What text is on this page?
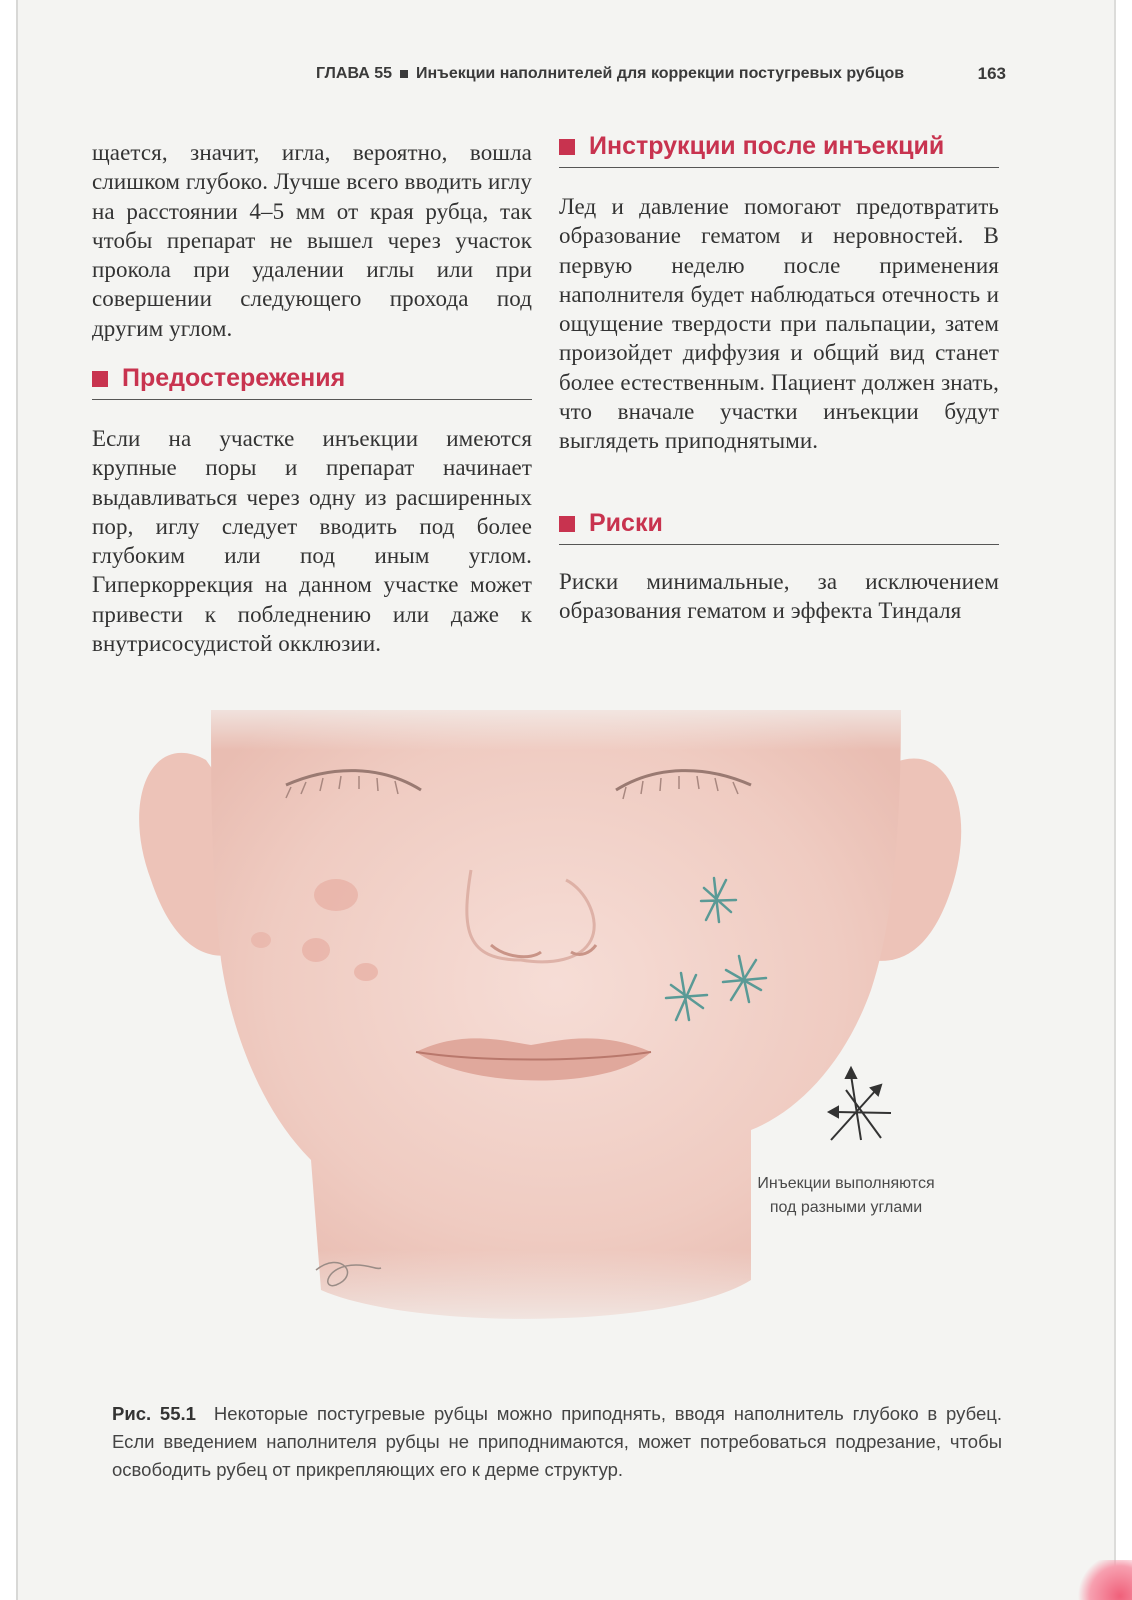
ГЛАВА 55 Инъекции наполнителей для коррекции постугревых рубцов	163

щается, значит, игла, вероятно, вошла слишком глубоко. Лучше всего вводить иглу на расстоянии 4–5 мм от края рубца, так чтобы препарат не вышел через участок прокола при удалении иглы или при совершении следующего прохода под другим углом.

Предостережения

Если на участке инъекции имеются крупные поры и препарат начинает выдавливаться через одну из расширенных пор, иглу следует вводить под более глубоким или под иным углом. Гиперкоррекция на данном участке может привести к побледнению или даже к внутрисосудистой окклюзии.

Инструкции после инъекций

Лед и давление помогают предотвратить образование гематом и неровностей. В первую неделю после применения наполнителя будет наблюдаться отечность и ощущение твердости при пальпации, затем произойдет диффузия и общий вид станет более естественным. Пациент должен знать, что вначале участки инъекции будут выглядеть приподнятыми.

Риски

Риски минимальные, за исключением образования гематом и эффекта Тиндаля

Инъекции выполняются
под разными углами
Рис. 55.1 Некоторые постугревые рубцы можно приподнять, вводя наполнитель глубоко в рубец. Если введением наполнителя рубцы не приподнимаются, может потребоваться подрезание, чтобы освободить рубец от прикрепляющих его к дерме структур.
